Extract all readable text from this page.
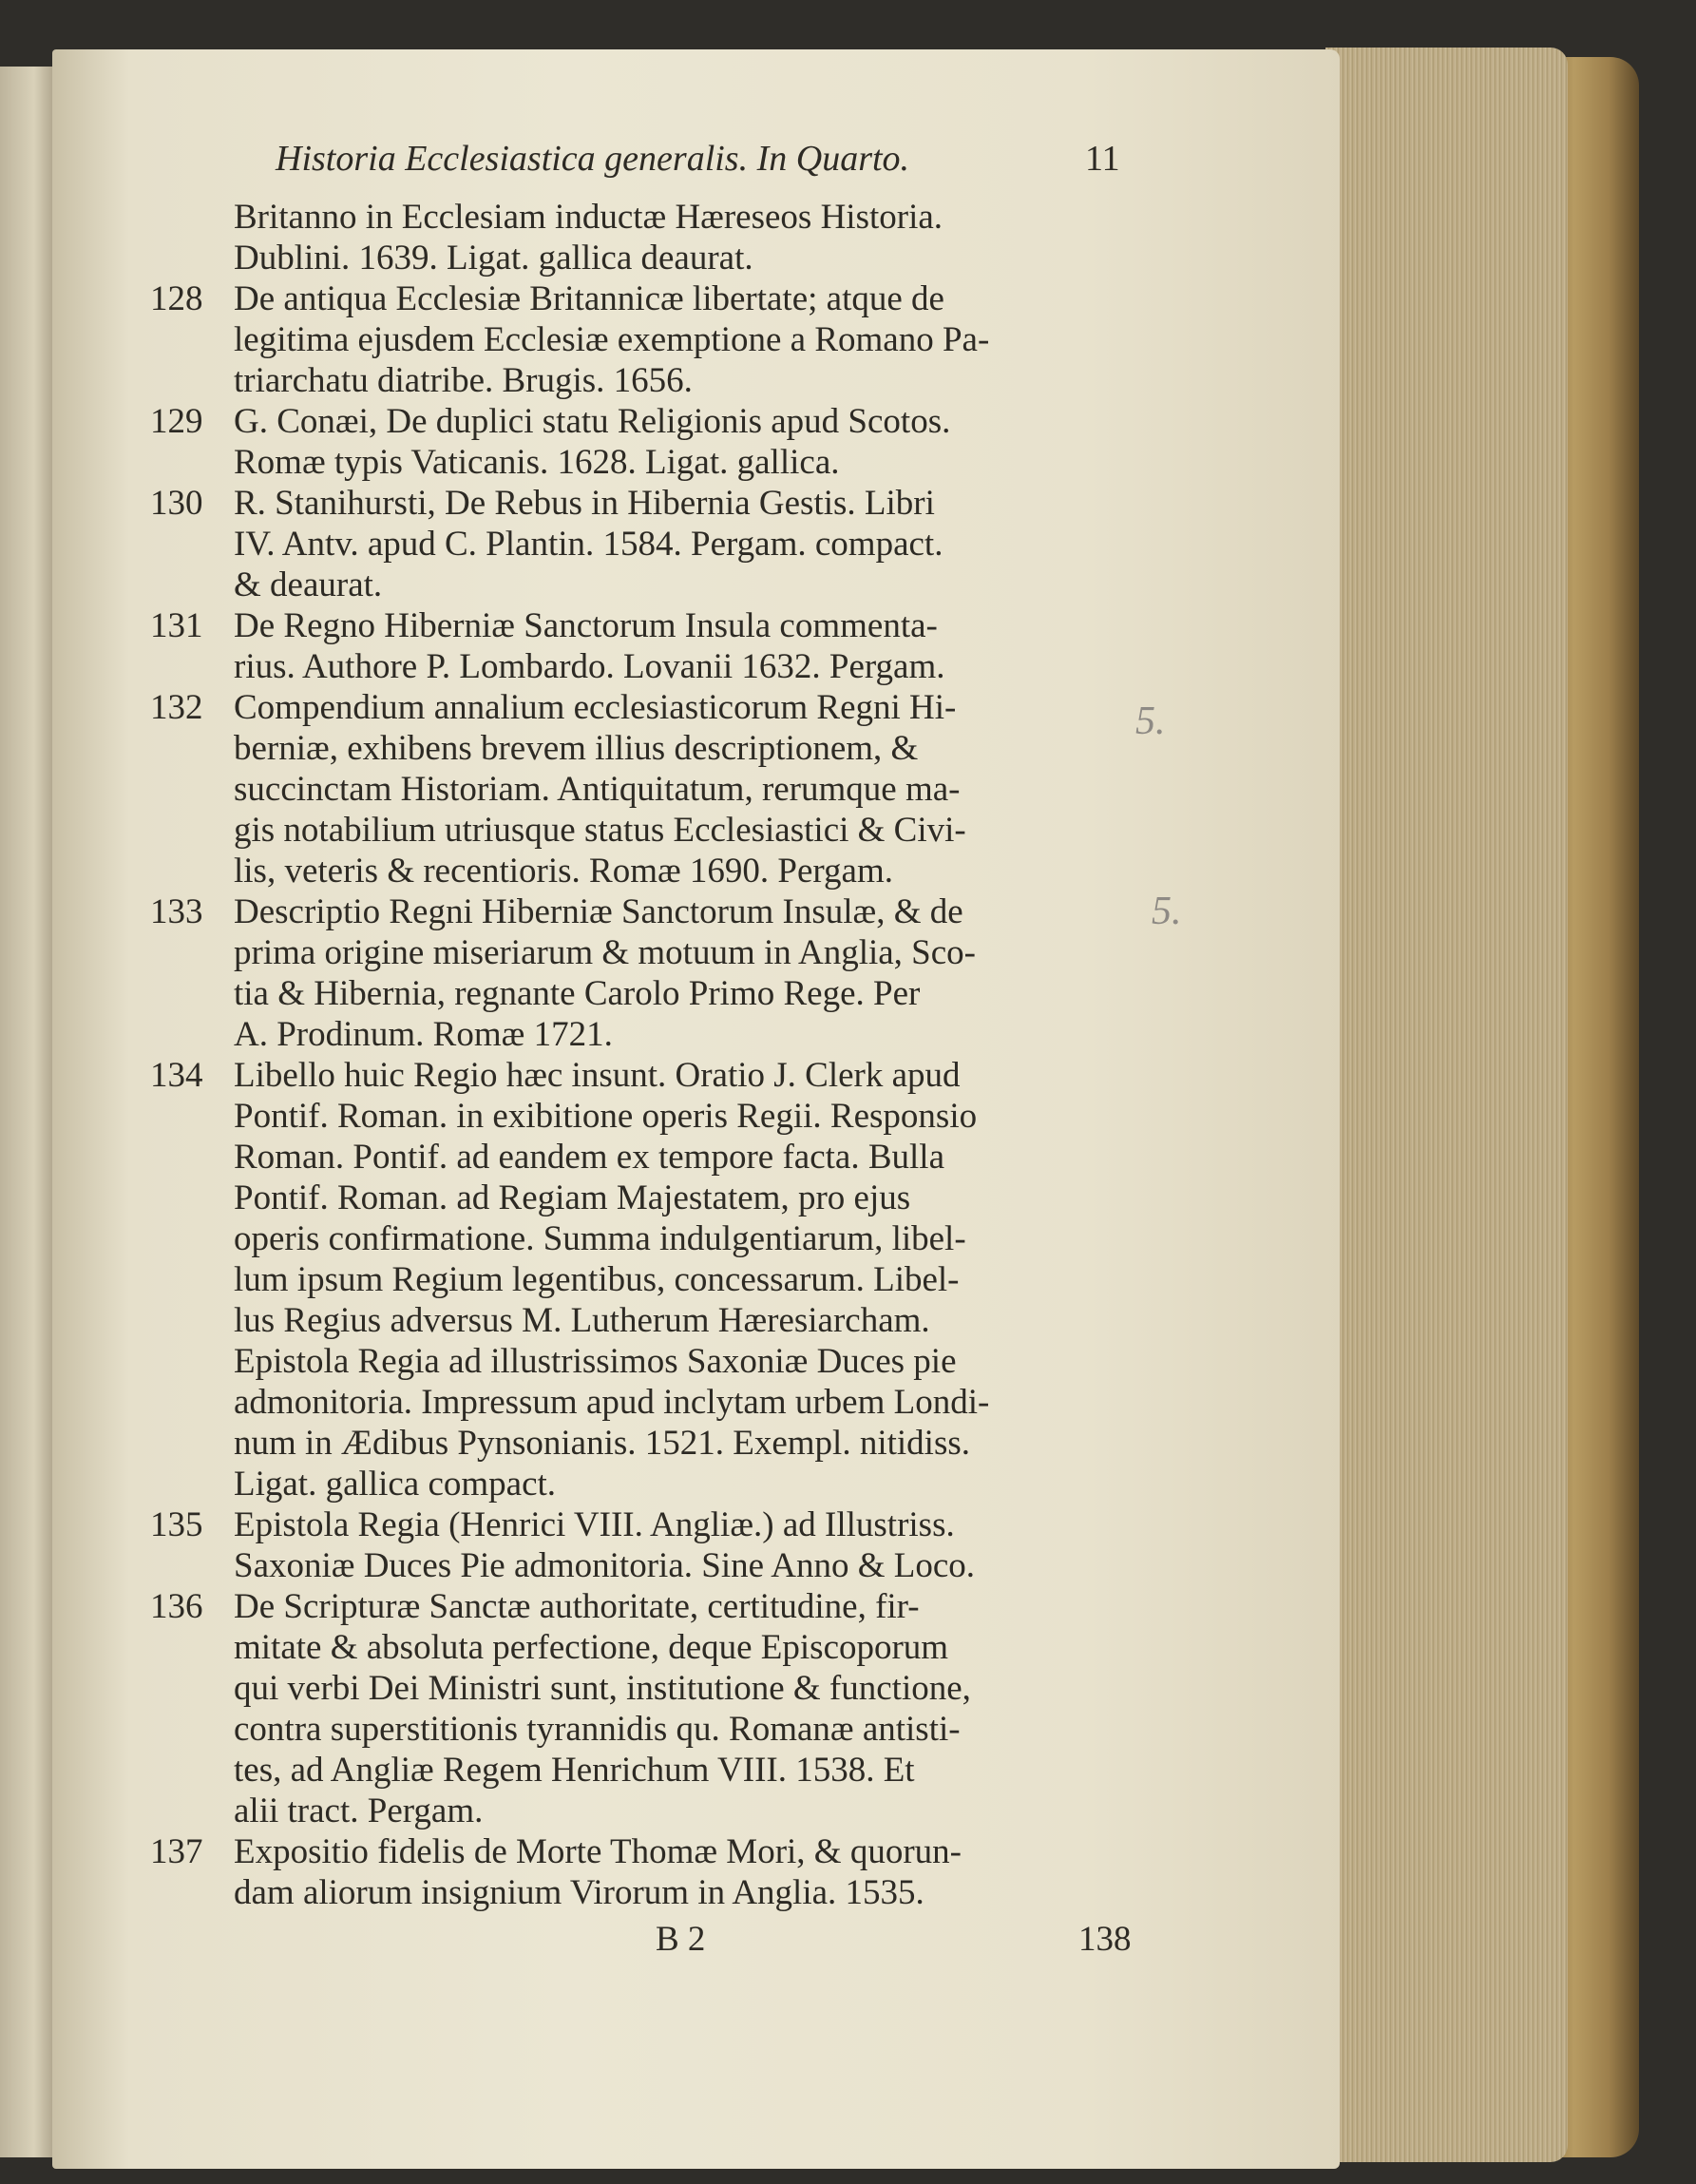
Historia Ecclesiastica generalis. In Quarto.	11
Britanno in Ecclesiam inductæ Hæreseos Historia.
Dublini. 1639. Ligat. gallica deaurat.
128 De antiqua Ecclesiæ Britannicæ libertate; atque de
legitima ejusdem Ecclesiæ exemptione a Romano Pa-
triarchatu diatribe. Brugis. 1656.
129 G. Conæi, De duplici statu Religionis apud Scotos.
Romæ typis Vaticanis. 1628. Ligat. gallica.
130 R. Stanihursti, De Rebus in Hibernia Gestis. Libri
IV. Antv. apud C. Plantin. 1584. Pergam. compact.
& deaurat.
131 De Regno Hiberniæ Sanctorum Insula commenta-
rius. Authore P. Lombardo. Lovanii 1632. Pergam.
132 Compendium annalium ecclesiasticorum Regni Hi-
berniæ, exhibens brevem illius descriptionem, &
succinctam Historiam. Antiquitatum, rerumque ma-
gis notabilium utriusque status Ecclesiastici & Civi-
lis, veteris & recentioris. Romæ 1690. Pergam.
133 Descriptio Regni Hiberniæ Sanctorum Insulæ, & de
prima origine miseriarum & motuum in Anglia, Sco-
tia & Hibernia, regnante Carolo Primo Rege. Per
A. Prodinum. Romæ 1721.
134 Libello huic Regio hæc insunt. Oratio J. Clerk apud
Pontif. Roman. in exibitione operis Regii. Responsio
Roman. Pontif. ad eandem ex tempore facta. Bulla
Pontif. Roman. ad Regiam Majestatem, pro ejus
operis confirmatione. Summa indulgentiarum, libel-
lum ipsum Regium legentibus, concessarum. Libel-
lus Regius adversus M. Lutherum Hæresiarcham.
Epistola Regia ad illustrissimos Saxoniæ Duces pie
admonitoria. Impressum apud inclytam urbem Londi-
num in Ædibus Pynsonianis. 1521. Exempl. nitidiss.
Ligat. gallica compact.
135 Epistola Regia (Henrici VIII. Angliæ.) ad Illustriss.
Saxoniæ Duces Pie admonitoria. Sine Anno & Loco.
136 De Scripturæ Sanctæ authoritate, certitudine, fir-
mitate & absoluta perfectione, deque Episcoporum
qui verbi Dei Ministri sunt, institutione & functione,
contra superstitionis tyrannidis qu. Romanæ antisti-
tes, ad Angliæ Regem Henrichum VIII. 1538. Et
alii tract. Pergam.
137 Expositio fidelis de Morte Thomæ Mori, & quorun-
dam aliorum insignium Virorum in Anglia. 1535.
B 2	138
5.
5.
